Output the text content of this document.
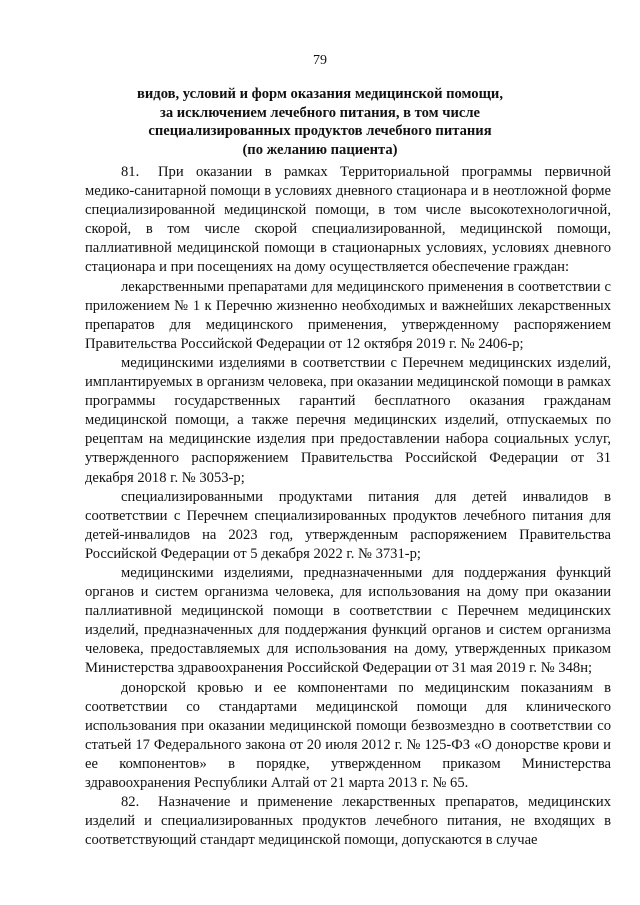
79
видов, условий и форм оказания медицинской помощи,
за исключением лечебного питания, в том числе
специализированных продуктов лечебного питания
(по желанию пациента)

81. При оказании в рамках Территориальной программы первичной медико-санитарной помощи в условиях дневного стационара и в неотложной форме специализированной медицинской помощи, в том числе высокотехнологичной, скорой, в том числе скорой специализированной, медицинской помощи, паллиативной медицинской помощи в стационарных условиях, условиях дневного стационара и при посещениях на дому осуществляется обеспечение граждан:

лекарственными препаратами для медицинского применения в соответствии с приложением № 1 к Перечню жизненно необходимых и важнейших лекарственных препаратов для медицинского применения, утвержденному распоряжением Правительства Российской Федерации от 12 октября 2019 г. № 2406-р;

медицинскими изделиями в соответствии с Перечнем медицинских изделий, имплантируемых в организм человека, при оказании медицинской помощи в рамках программы государственных гарантий бесплатного оказания гражданам медицинской помощи, а также перечня медицинских изделий, отпускаемых по рецептам на медицинские изделия при предоставлении набора социальных услуг, утвержденного распоряжением Правительства Российской Федерации от 31 декабря 2018 г. № 3053-р;

специализированными продуктами питания для детей инвалидов в соответствии с Перечнем специализированных продуктов лечебного питания для детей-инвалидов на 2023 год, утвержденным распоряжением Правительства Российской Федерации от 5 декабря 2022 г. № 3731-р;

медицинскими изделиями, предназначенными для поддержания функций органов и систем организма человека, для использования на дому при оказании паллиативной медицинской помощи в соответствии с Перечнем медицинских изделий, предназначенных для поддержания функций органов и систем организма человека, предоставляемых для использования на дому, утвержденных приказом Министерства здравоохранения Российской Федерации от 31 мая 2019 г. № 348н;

донорской кровью и ее компонентами по медицинским показаниям в соответствии со стандартами медицинской помощи для клинического использования при оказании медицинской помощи безвозмездно в соответствии со статьей 17 Федерального закона от 20 июля 2012 г. № 125-ФЗ «О донорстве крови и ее компонентов» в порядке, утвержденном приказом Министерства здравоохранения Республики Алтай от 21 марта 2013 г. № 65.

82. Назначение и применение лекарственных препаратов, медицинских изделий и специализированных продуктов лечебного питания, не входящих в соответствующий стандарт медицинской помощи, допускаются в случае
